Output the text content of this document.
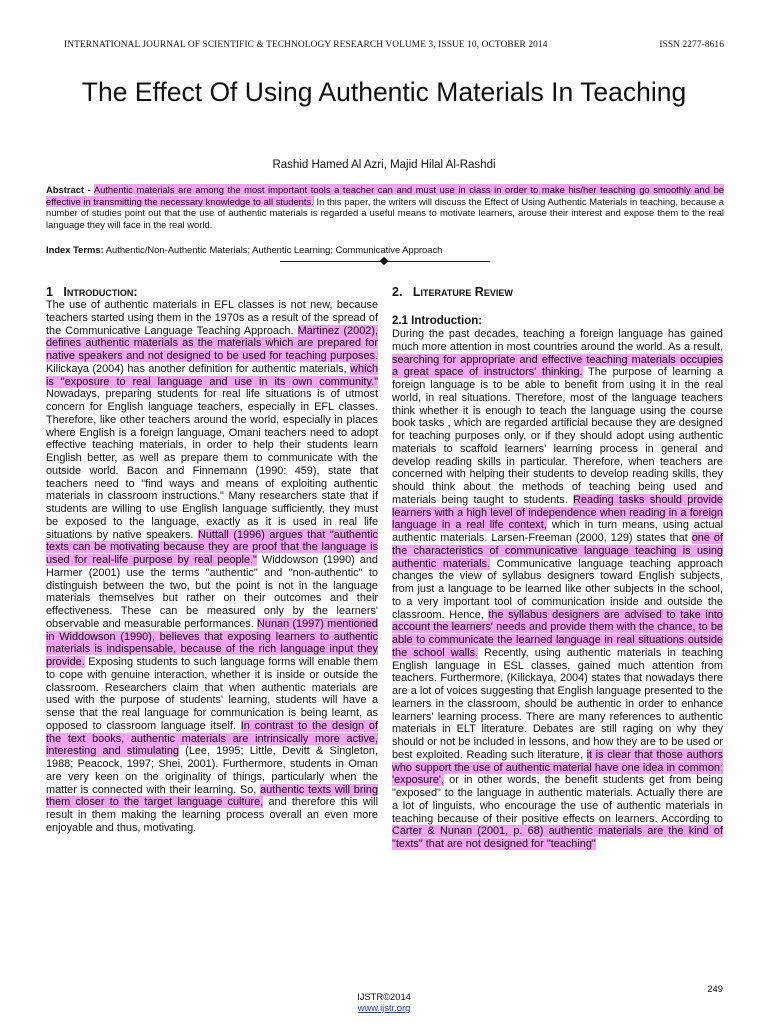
INTERNATIONAL JOURNAL OF SCIENTIFIC & TECHNOLOGY RESEARCH VOLUME 3, ISSUE 10, OCTOBER 2014	ISSN 2277-8616
The Effect Of Using Authentic Materials In Teaching
Rashid Hamed Al Azri, Majid Hilal Al-Rashdi

Abstract - Authentic materials are among the most important tools a teacher can and must use in class in order to make his/her teaching go smoothly and be effective in transmitting the necessary knowledge to all students. In this paper, the writers will discuss the Effect of Using Authentic Materials in teaching, because a number of studies point out that the use of authentic materials is regarded a useful means to motivate learners, arouse their interest and expose them to the real language they will face in the real world.

Index Terms: Authentic/Non-Authentic Materials; Authentic Learning; Communicative Approach

1 Introduction:

The use of authentic materials in EFL classes is not new, because teachers started using them in the 1970s as a result of the spread of the Communicative Language Teaching Approach. Martinez (2002), defines authentic materials as the materials which are prepared for native speakers and not designed to be used for teaching purposes. Kilickaya (2004) has another definition for authentic materials, which is "exposure to real language and use in its own community." Nowadays, preparing students for real life situations is of utmost concern for English language teachers, especially in EFL classes. Therefore, like other teachers around the world, especially in places where English is a foreign language, Omani teachers need to adopt effective teaching materials, in order to help their students learn English better, as well as prepare them to communicate with the outside world. Bacon and Finnemann (1990: 459), state that teachers need to "find ways and means of exploiting authentic materials in classroom instructions." Many researchers state that if students are willing to use English language sufficiently, they must be exposed to the language, exactly as it is used in real life situations by native speakers. Nuttall (1996) argues that "authentic texts can be motivating because they are proof that the language is used for real-life purpose by real people." Widdowson (1990) and Harmer (2001) use the terms "authentic" and "non-authentic" to distinguish between the two, but the point is not in the language materials themselves but rather on their outcomes and their effectiveness. These can be measured only by the learners' observable and measurable performances. Nunan (1997) mentioned in Widdowson (1990), believes that exposing learners to authentic materials is indispensable, because of the rich language input they provide. Exposing students to such language forms will enable them to cope with genuine interaction, whether it is inside or outside the classroom. Researchers claim that when authentic materials are used with the purpose of students' learning, students will have a sense that the real language for communication is being learnt, as opposed to classroom language itself. In contrast to the design of the text books, authentic materials are intrinsically more active, interesting and stimulating (Lee, 1995; Little, Devitt & Singleton, 1988; Peacock, 1997; Shei, 2001). Furthermore, students in Oman are very keen on the originality of things, particularly when the matter is connected with their learning. So, authentic texts will bring them closer to the target language culture, and therefore this will result in them making the learning process overall an even more enjoyable and thus, motivating.

2. Literature Review
2.1 Introduction:

During the past decades, teaching a foreign language has gained much more attention in most countries around the world. As a result, searching for appropriate and effective teaching materials occupies a great space of instructors' thinking. The purpose of learning a foreign language is to be able to benefit from using it in the real world, in real situations. Therefore, most of the language teachers think whether it is enough to teach the language using the course book tasks , which are regarded artificial because they are designed for teaching purposes only, or if they should adopt using authentic materials to scaffold learners' learning process in general and develop reading skills in particular. Therefore, when teachers are concerned with helping their students to develop reading skills, they should think about the methods of teaching being used and materials being taught to students. Reading tasks should provide learners with a high level of independence when reading in a foreign language in a real life context, which in turn means, using actual authentic materials. Larsen-Freeman (2000, 129) states that one of the characteristics of communicative language teaching is using authentic materials. Communicative language teaching approach changes the view of syllabus designers toward English subjects, from just a language to be learned like other subjects in the school, to a very important tool of communication inside and outside the classroom. Hence, the syllabus designers are advised to take into account the learners' needs and provide them with the chance, to be able to communicate the learned language in real situations outside the school walls. Recently, using authentic materials in teaching English language in ESL classes, gained much attention from teachers. Furthermore, (Kilickaya, 2004) states that nowadays there are a lot of voices suggesting that English language presented to the learners in the classroom, should be authentic in order to enhance learners' learning process. There are many references to authentic materials in ELT literature. Debates are still raging on why they should or not be included in lessons, and how they are to be used or best exploited. Reading such literature, it is clear that those authors who support the use of authentic material have one idea in common: 'exposure', or in other words, the benefit students get from being "exposed" to the language in authentic materials. Actually there are a lot of linguists, who encourage the use of authentic materials in teaching because of their positive effects on learners. According to Carter & Nunan (2001, p. 68) authentic materials are the kind of "texts" that are not designed for "teaching"

249
IJSTR©2014
www.ijstr.org
